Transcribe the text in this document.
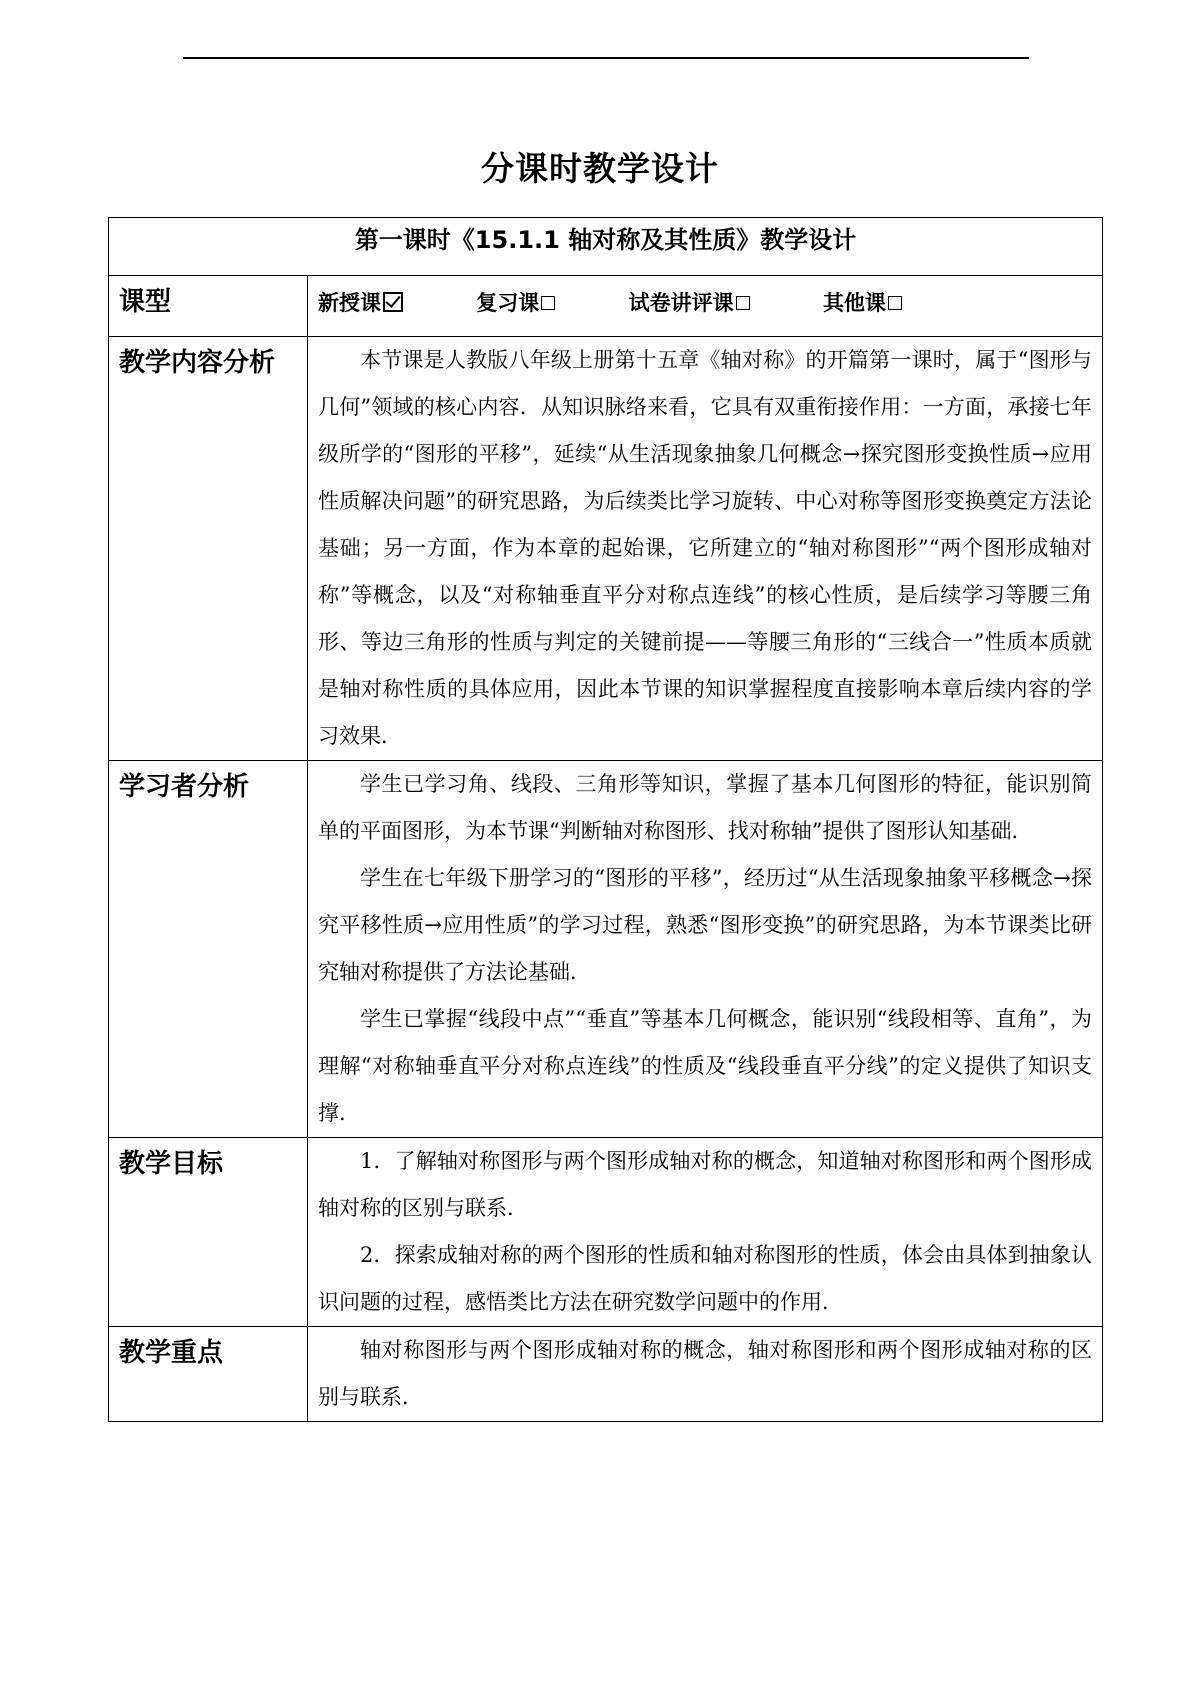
分课时教学设计
第一课时《15.1.1 轴对称及其性质》教学设计	
课型	新授课 复习课 试卷讲评课 其他课
教学内容分析	本节课是人教版八年级上册第十五章《轴对称》的开篇第一课时，属于“图形与几何”领域的核心内容．从知识脉络来看，它具有双重衔接作用：一方面，承接七年级所学的“图形的平移”，延续“从生活现象抽象几何概念→探究图形变换性质→应用性质解决问题”的研究思路，为后续类比学习旋转、中心对称等图形变换奠定方法论基础；另一方面，作为本章的起始课，它所建立的“轴对称图形”“两个图形成轴对称”等概念，以及“对称轴垂直平分对称点连线”的核心性质，是后续学习等腰三角形、等边三角形的性质与判定的关键前提——等腰三角形的“三线合一”性质本质就是轴对称性质的具体应用，因此本节课的知识掌握程度直接影响本章后续内容的学习效果．

学习者分析	学生已学习角、线段、三角形等知识，掌握了基本几何图形的特征，能识别简单的平面图形，为本节课“判断轴对称图形、找对称轴”提供了图形认知基础．

学生在七年级下册学习的“图形的平移”，经历过“从生活现象抽象平移概念→探究平移性质→应用性质”的学习过程，熟悉“图形变换”的研究思路，为本节课类比研究轴对称提供了方法论基础．

学生已掌握“线段中点”“垂直”等基本几何概念，能识别“线段相等、直角”，为理解“对称轴垂直平分对称点连线”的性质及“线段垂直平分线”的定义提供了知识支撑．

教学目标	1．了解轴对称图形与两个图形成轴对称的概念，知道轴对称图形和两个图形成轴对称的区别与联系．

2．探索成轴对称的两个图形的性质和轴对称图形的性质，体会由具体到抽象认识问题的过程，感悟类比方法在研究数学问题中的作用．

教学重点	轴对称图形与两个图形成轴对称的概念，轴对称图形和两个图形成轴对称的区别与联系．
